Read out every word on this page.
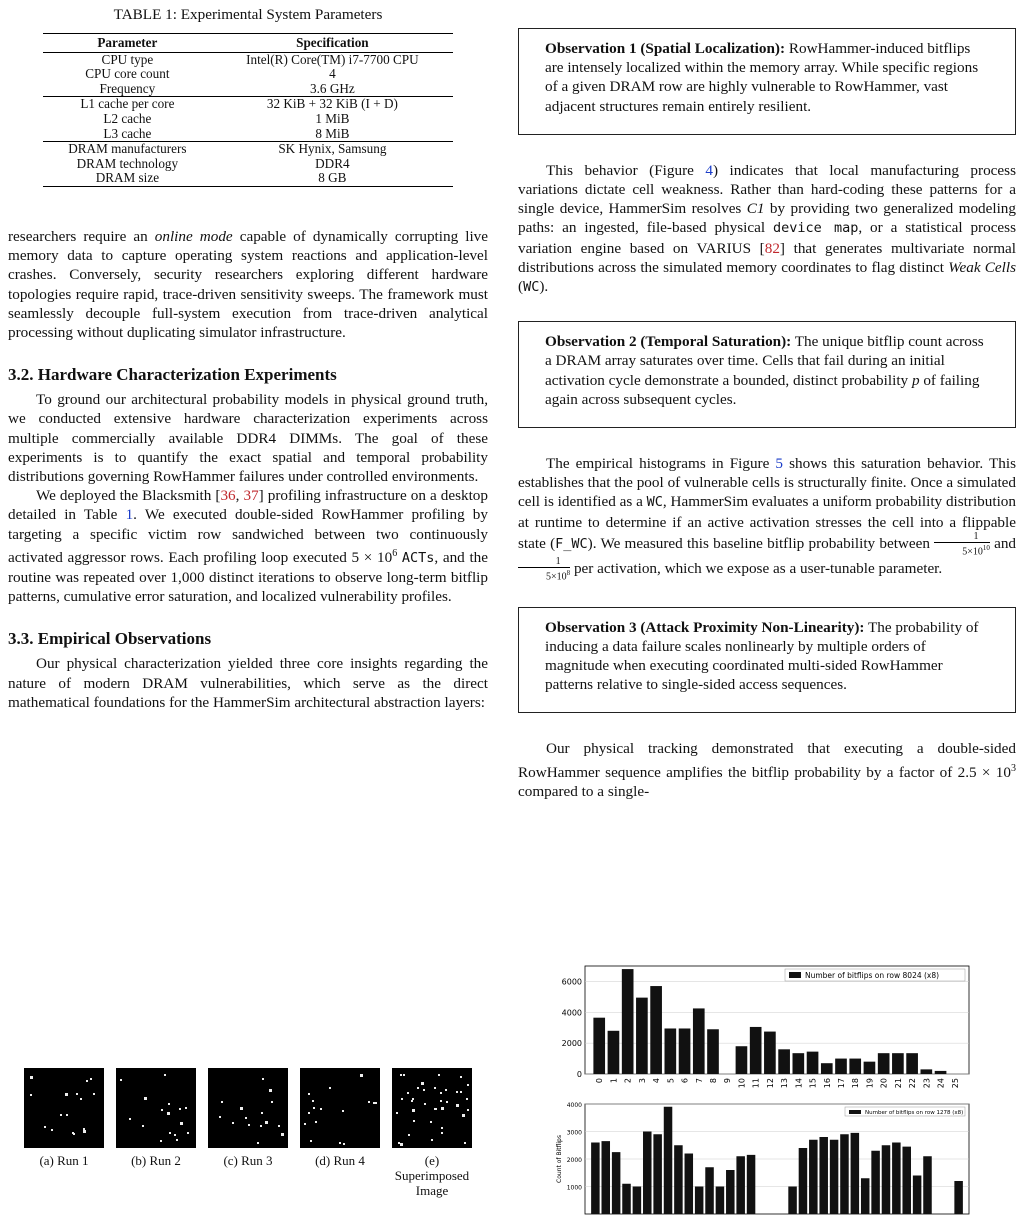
TABLE 1: Experimental System Parameters
Parameter	Specification
CPU type	Intel(R) Core(TM) i7-7700 CPU
CPU core count	4
Frequency	3.6 GHz
L1 cache per core	32 KiB + 32 KiB (I + D)
L2 cache	1 MiB
L3 cache	8 MiB
DRAM manufacturers	SK Hynix, Samsung
DRAM technology	DDR4
DRAM size	8 GB

researchers require an online mode capable of dynamically corrupting live memory data to capture operating system reactions and application-level crashes. Conversely, security researchers exploring different hardware topologies require rapid, trace-driven sensitivity sweeps. The framework must seamlessly decouple full-system execution from trace-driven analytical processing without duplicating simulator infrastructure.

3.2. Hardware Characterization Experiments

To ground our architectural probability models in physical ground truth, we conducted extensive hardware characterization experiments across multiple commercially available DDR4 DIMMs. The goal of these experiments is to quantify the exact spatial and temporal probability distributions governing RowHammer failures under controlled environments.

We deployed the Blacksmith [36, 37] profiling infrastructure on a desktop detailed in Table 1. We executed double-sided RowHammer profiling by targeting a specific victim row sandwiched between two continuously activated aggressor rows. Each profiling loop executed $5 \times 10^6$ ACTs, and the routine was repeated over 1,000 distinct iterations to observe long-term bitflip patterns, cumulative error saturation, and localized vulnerability profiles.

3.3. Empirical Observations

Our physical characterization yielded three core insights regarding the nature of modern DRAM vulnerabilities, which serve as the direct mathematical foundations for the HammerSim architectural abstraction layers:

(a) Run 1	(b) Run 2	(c) Run 3	(d) Run 4	(e) Superimposed Image

Observation 1 (Spatial Localization): RowHammer-induced bitflips are intensely localized within the memory array. While specific regions of a given DRAM row are highly vulnerable to RowHammer, vast adjacent structures remain entirely resilient.

This behavior (Figure 4) indicates that local manufacturing process variations dictate cell weakness. Rather than hard-coding these patterns for a single device, HammerSim resolves C1 by providing two generalized modeling paths: an ingested, file-based physical device map, or a statistical process variation engine based on VARIUS [82] that generates multivariate normal distributions across the simulated memory coordinates to flag distinct Weak Cells (WC).

Observation 2 (Temporal Saturation): The unique bitflip count across a DRAM array saturates over time. Cells that fail during an initial activation cycle demonstrate a bounded, distinct probability p of failing again across subsequent cycles.

The empirical histograms in Figure 5 shows this saturation behavior. This establishes that the pool of vulnerable cells is structurally finite. Once a simulated cell is identified as a WC, HammerSim evaluates a uniform probability distribution at runtime to determine if an active activation stresses the cell into a flippable state (F_WC). We measured this baseline bitflip probability between $\frac{1}{5\times 10^{10}}$ and
$\frac{1}{5\times 10^8}$ per activation, which we expose as a user-tunable parameter.

Observation 3 (Attack Proximity Non-Linearity): The probability of inducing a data failure scales nonlinearly by multiple orders of magnitude when executing coordinated multi-sided RowHammer patterns relative to single-sided access sequences.

Our physical tracking demonstrated that executing a double-sided RowHammer sequence amplifies the bitflip probability by a factor of $2.5 \times 10^3$ compared to a single-

0
2000
4000
6000
0 1 2 3 4 5 6 7 8 9 10 11 12 13 14 15 16 17 18 19 20 21 22 23 24 25
Number of bitflips on row 8024 (x8)
1000
2000
3000
4000
Number of bitflips on row 1278 (x8)
Count of Bitflips
